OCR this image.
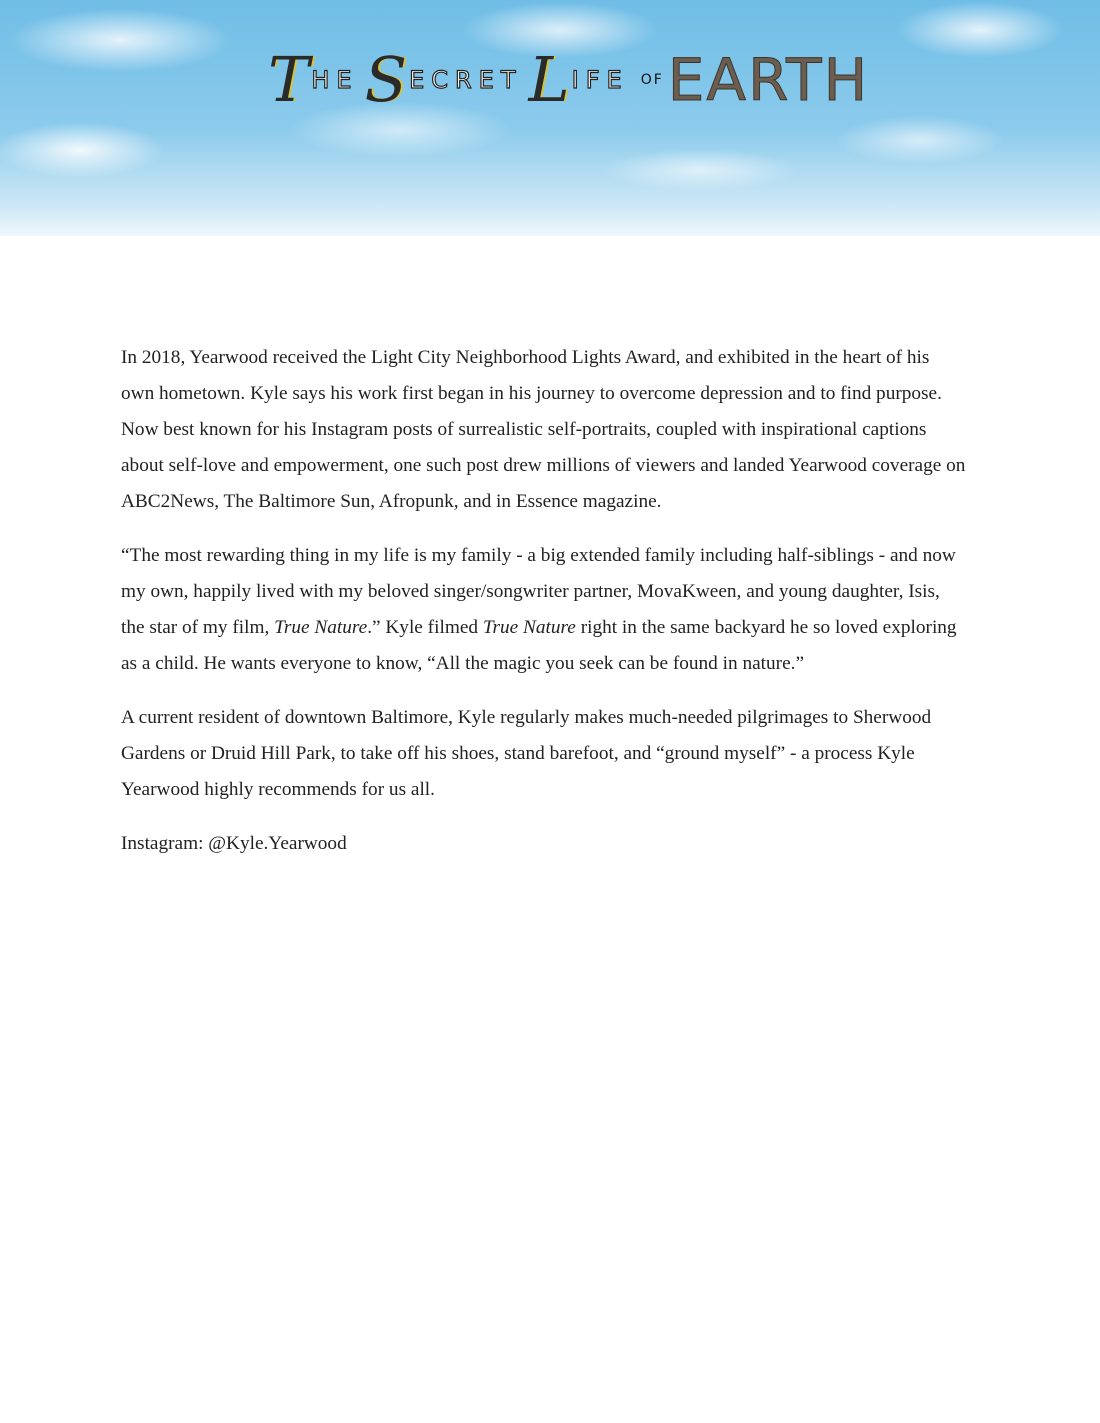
T HE S ECRET L IFE OF EARTH

In 2018, Yearwood received the Light City Neighborhood Lights Award, and exhibited in the heart of his own hometown. Kyle says his work first began in his journey to overcome depression and to find purpose. Now best known for his Instagram posts of surrealistic self-portraits, coupled with inspirational captions about self-love and empowerment, one such post drew millions of viewers and landed Yearwood coverage on ABC2News, The Baltimore Sun, Afropunk, and in Essence magazine.

“The most rewarding thing in my life is my family - a big extended family including half-siblings - and now my own, happily lived with my beloved singer/songwriter partner, MovaKween, and young daughter, Isis, the star of my film, True Nature.” Kyle filmed True Nature right in the same backyard he so loved exploring as a child. He wants everyone to know, “All the magic you seek can be found in nature.”

A current resident of downtown Baltimore, Kyle regularly makes much-needed pilgrimages to Sherwood Gardens or Druid Hill Park, to take off his shoes, stand barefoot, and “ground myself” - a process Kyle Yearwood highly recommends for us all.

Instagram: @Kyle.Yearwood
